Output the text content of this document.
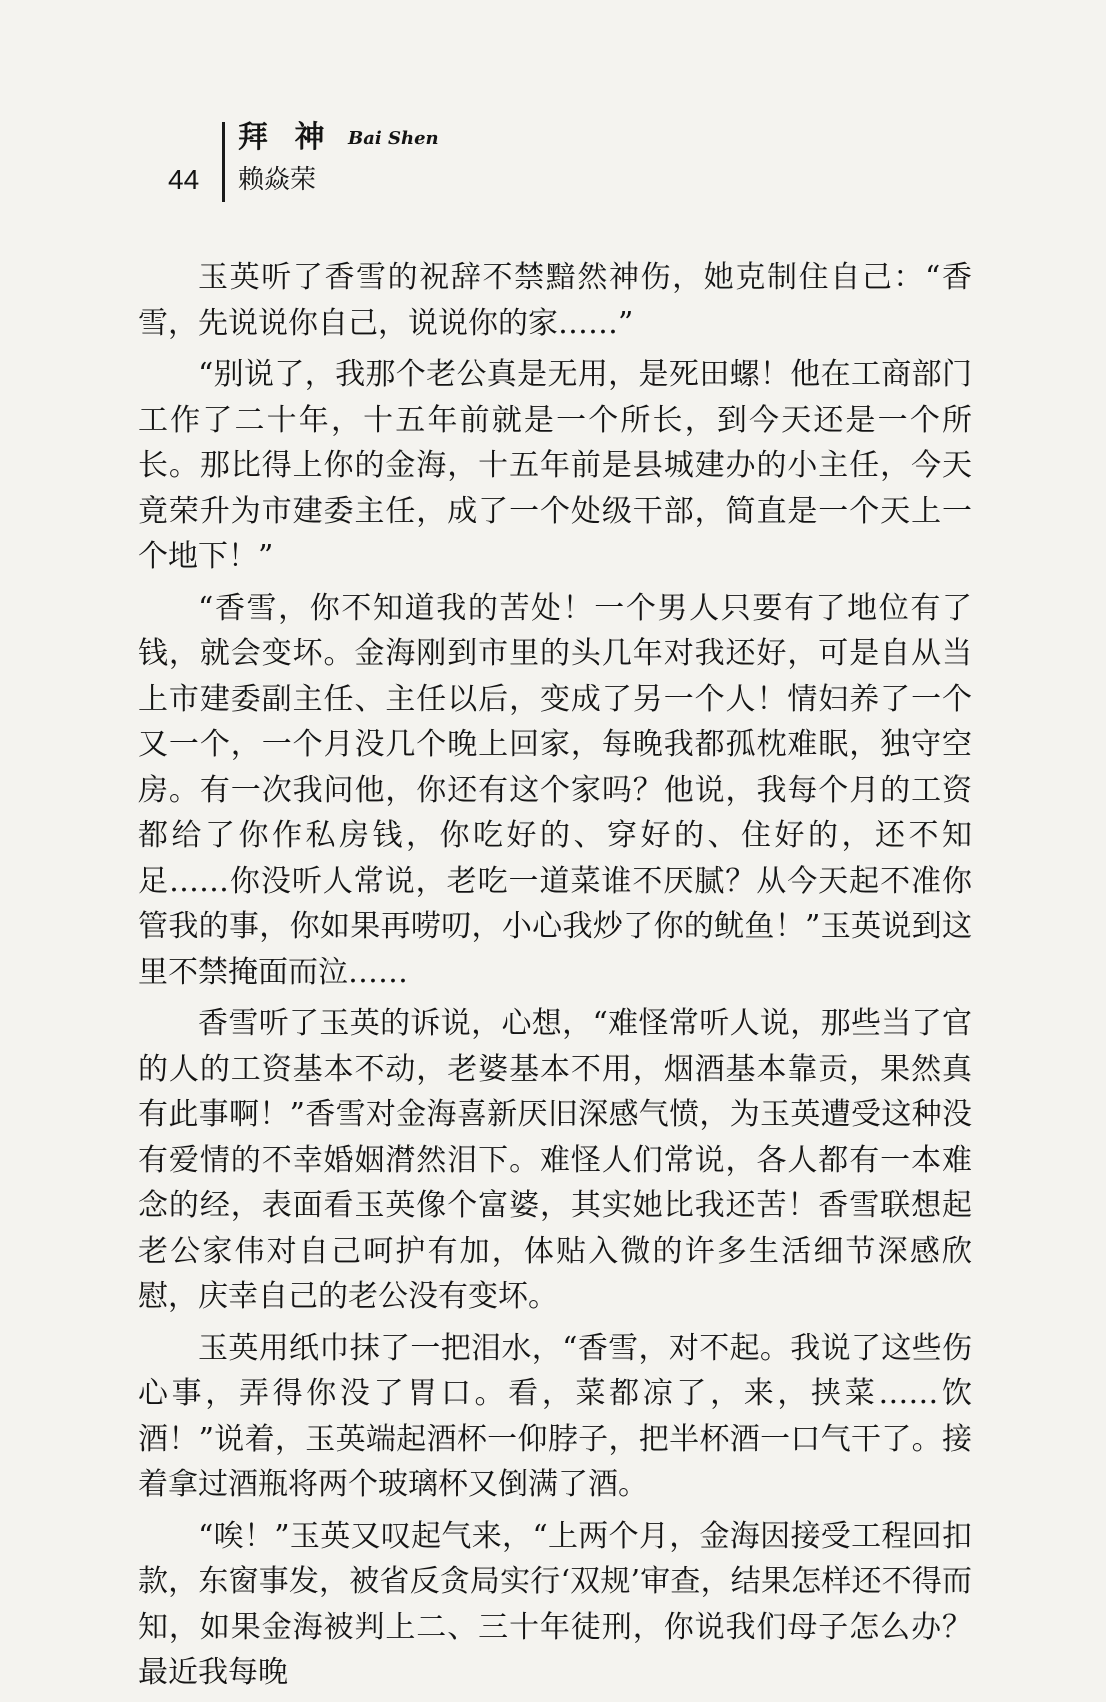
44
拜 神 Bai Shen
赖焱荣

玉英听了香雪的祝辞不禁黯然神伤，她克制住自己：“香雪，先说说你自己，说说你的家……”

“别说了，我那个老公真是无用，是死田螺！他在工商部门工作了二十年，十五年前就是一个所长，到今天还是一个所长。那比得上你的金海，十五年前是县城建办的小主任，今天竟荣升为市建委主任，成了一个处级干部，简直是一个天上一个地下！”

“香雪，你不知道我的苦处！一个男人只要有了地位有了钱，就会变坏。金海刚到市里的头几年对我还好，可是自从当上市建委副主任、主任以后，变成了另一个人！情妇养了一个又一个，一个月没几个晚上回家，每晚我都孤枕难眠，独守空房。有一次我问他，你还有这个家吗？他说，我每个月的工资都给了你作私房钱，你吃好的、穿好的、住好的，还不知足……你没听人常说，老吃一道菜谁不厌腻？从今天起不准你管我的事，你如果再唠叨，小心我炒了你的鱿鱼！”玉英说到这里不禁掩面而泣……

香雪听了玉英的诉说，心想，“难怪常听人说，那些当了官的人的工资基本不动，老婆基本不用，烟酒基本靠贡，果然真有此事啊！”香雪对金海喜新厌旧深感气愤，为玉英遭受这种没有爱情的不幸婚姻潸然泪下。难怪人们常说，各人都有一本难念的经，表面看玉英像个富婆，其实她比我还苦！香雪联想起老公家伟对自己呵护有加，体贴入微的许多生活细节深感欣慰，庆幸自己的老公没有变坏。

玉英用纸巾抹了一把泪水，“香雪，对不起。我说了这些伤心事，弄得你没了胃口。看，菜都凉了，来，挟菜……饮酒！”说着，玉英端起酒杯一仰脖子，把半杯酒一口气干了。接着拿过酒瓶将两个玻璃杯又倒满了酒。

“唉！”玉英又叹起气来，“上两个月，金海因接受工程回扣款，东窗事发，被省反贪局实行‘双规’审查，结果怎样还不得而知，如果金海被判上二、三十年徒刑，你说我们母子怎么办？最近我每晚
